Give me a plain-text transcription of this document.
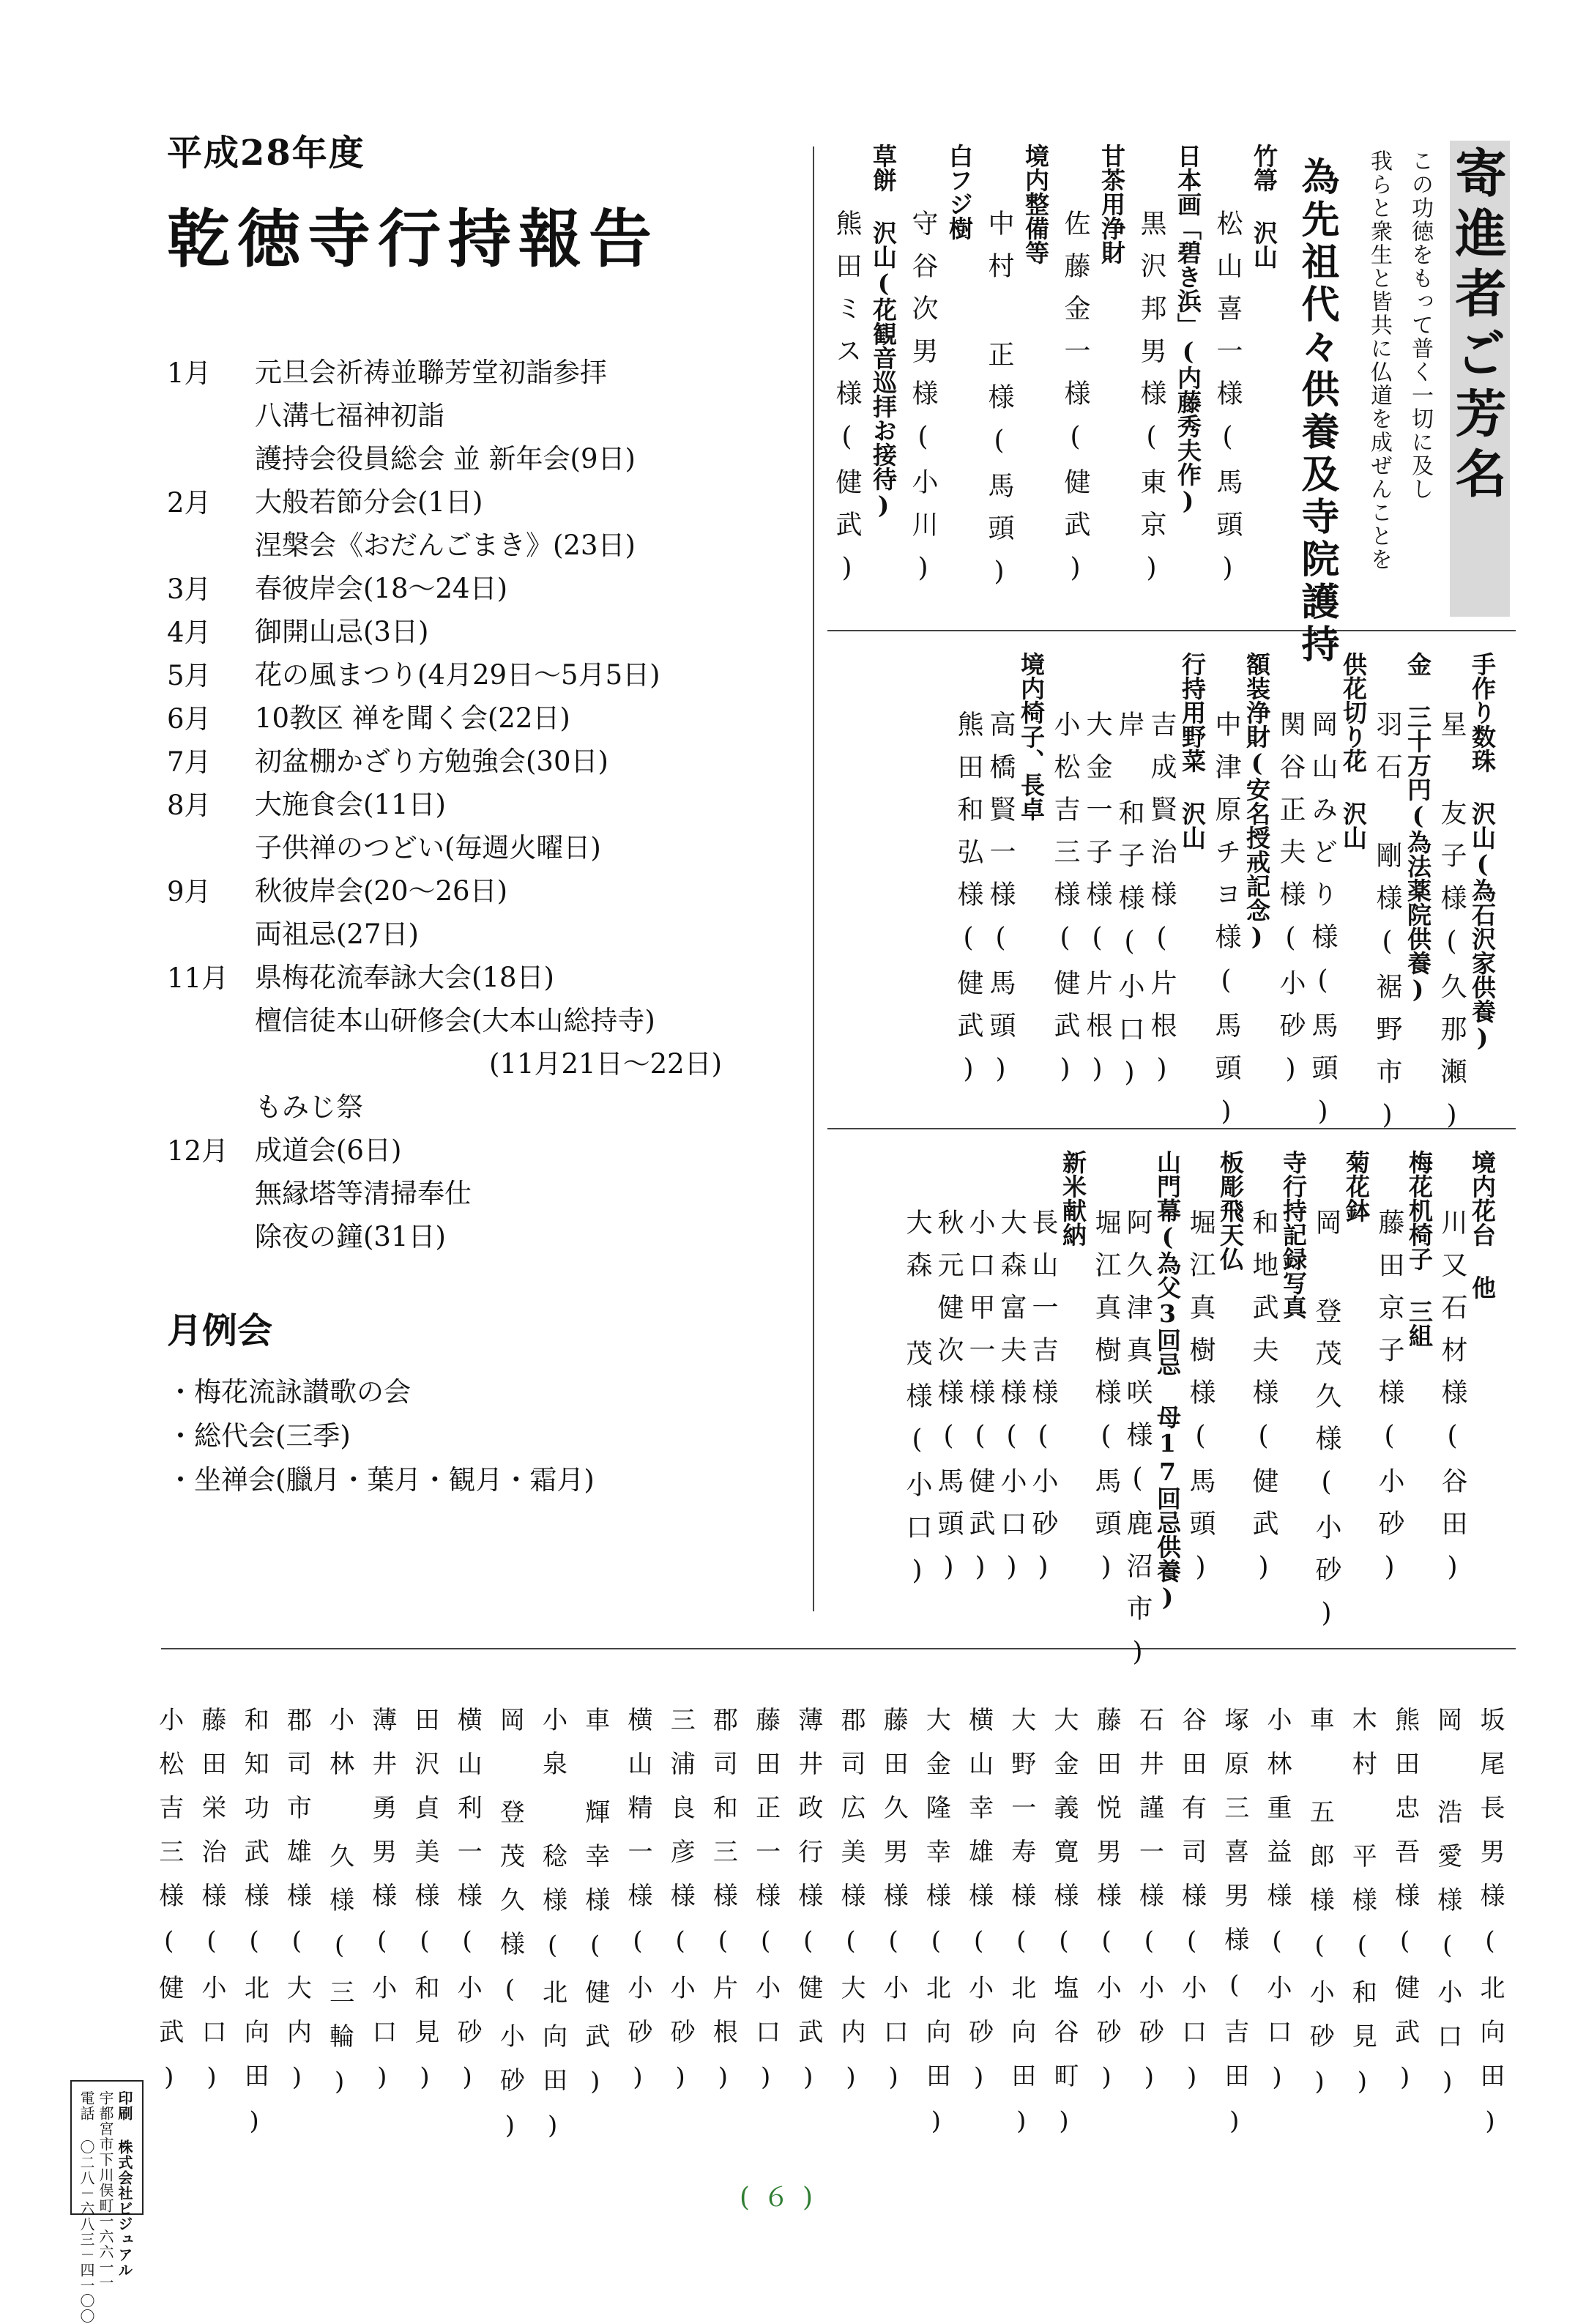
平成28年度
乾徳寺行持報告
1月	元旦会祈祷並聯芳堂初詣参拝
八溝七福神初詣
護持会役員総会 並 新年会(9日)
2月	大般若節分会(1日)
涅槃会《おだんごまき》(23日)
3月	春彼岸会(18～24日)
4月	御開山忌(3日)
5月	花の風まつり(4月29日～5月5日)
6月	10教区 禅を聞く会(22日)
7月	初盆棚かざり方勉強会(30日)
8月	大施食会(11日)
子供禅のつどい(毎週火曜日)
9月	秋彼岸会(20～26日)
両祖忌(27日)
11月 県梅花流奉詠大会(18日)
檀信徒本山研修会(大本山総持寺)
(11月21日～22日)
もみじ祭
12月 成道会(6日)
無縁塔等清掃奉仕
除夜の鐘(31日)
月例会
・梅花流詠讃歌の会
・総代会(三季)
・坐禅会(臘月・葉月・観月・霜月)
寄進者ご芳名
この功徳をもって普く一切に及し
我らと衆生と皆共に仏道を成ぜんことを
為先祖代々供養及寺院護持
竹箒 沢山
松山喜一様(馬頭)
日本画「碧き浜」(内藤秀夫作)
黒沢邦男様(東京)
甘茶用浄財
佐藤金一様(健武)
境内整備等
中村 正様(馬頭)
白フジ樹
守谷次男様(小川)
草餅 沢山(花観音巡拝お接待)
熊田ミス様(健武)
手作り数珠 沢山(為石沢家供養)
星 友子様(久那瀬)
金 三十万円(為法薬院供養)
羽石 剛様(裾野市)
供花切り花 沢山
岡山みどり様(馬頭)
関谷正夫様(小砂)
額装浄財(安名授戒記念)
中津原チヨ様(馬頭)
行持用野菜 沢山
吉成賢治様(片根)
岸 和子様(小口)
大金一子様(片根)
小松吉三様(健武)
境内椅子、長卓
高橋賢一様(馬頭)
熊田和弘様(健武)
境内花台 他
川又石材様(谷田)
梅花机椅子 三組
藤田京子様(小砂)
菊花鉢
岡 登茂久様(小砂)
寺行持記録写真
和地武夫様(健武)
板彫飛天仏
堀江真樹様(馬頭)
山門幕(為父3回忌 母17回忌供養)
阿久津真咲様(鹿沼市)
堀江真樹様(馬頭)
新米献納
長山一吉様(小砂)
大森富夫様(小口)
小口甲一様(健武)
秋元健次様(馬頭)
大森 茂様(小口)
坂尾長男様(北向田)
岡 浩愛様(小口)
熊田忠吾様(健武)
木村 平様(和見)
車 五郎様(小砂)
小林重益様(小口)
塚原三喜男様(吉田)
谷田有司様(小口)
石井謹一様(小砂)
藤田悦男様(小砂)
大金義寛様(塩谷町)
大野一寿様(北向田)
横山幸雄様(小砂)
大金隆幸様(北向田)
藤田久男様(小口)
郡司広美様(大内)
薄井政行様(健武)
藤田正一様(小口)
郡司和三様(片根)
三浦良彦様(小砂)
横山精一様(小砂)
車 輝幸様(健武)
小泉 稔様(北向田)
岡 登茂久様(小砂)
横山利一様(小砂)
田沢貞美様(和見)
薄井勇男様(小口)
小林 久様(三輪)
郡司市雄様(大内)
和知功武様(北向田)
藤田栄治様(小口)
小松吉三様(健武)
印刷 株式会社ビジュアル
宇都宮市下川俣町一六六一一
電話 〇二八－六八三－四一〇〇	(６)
